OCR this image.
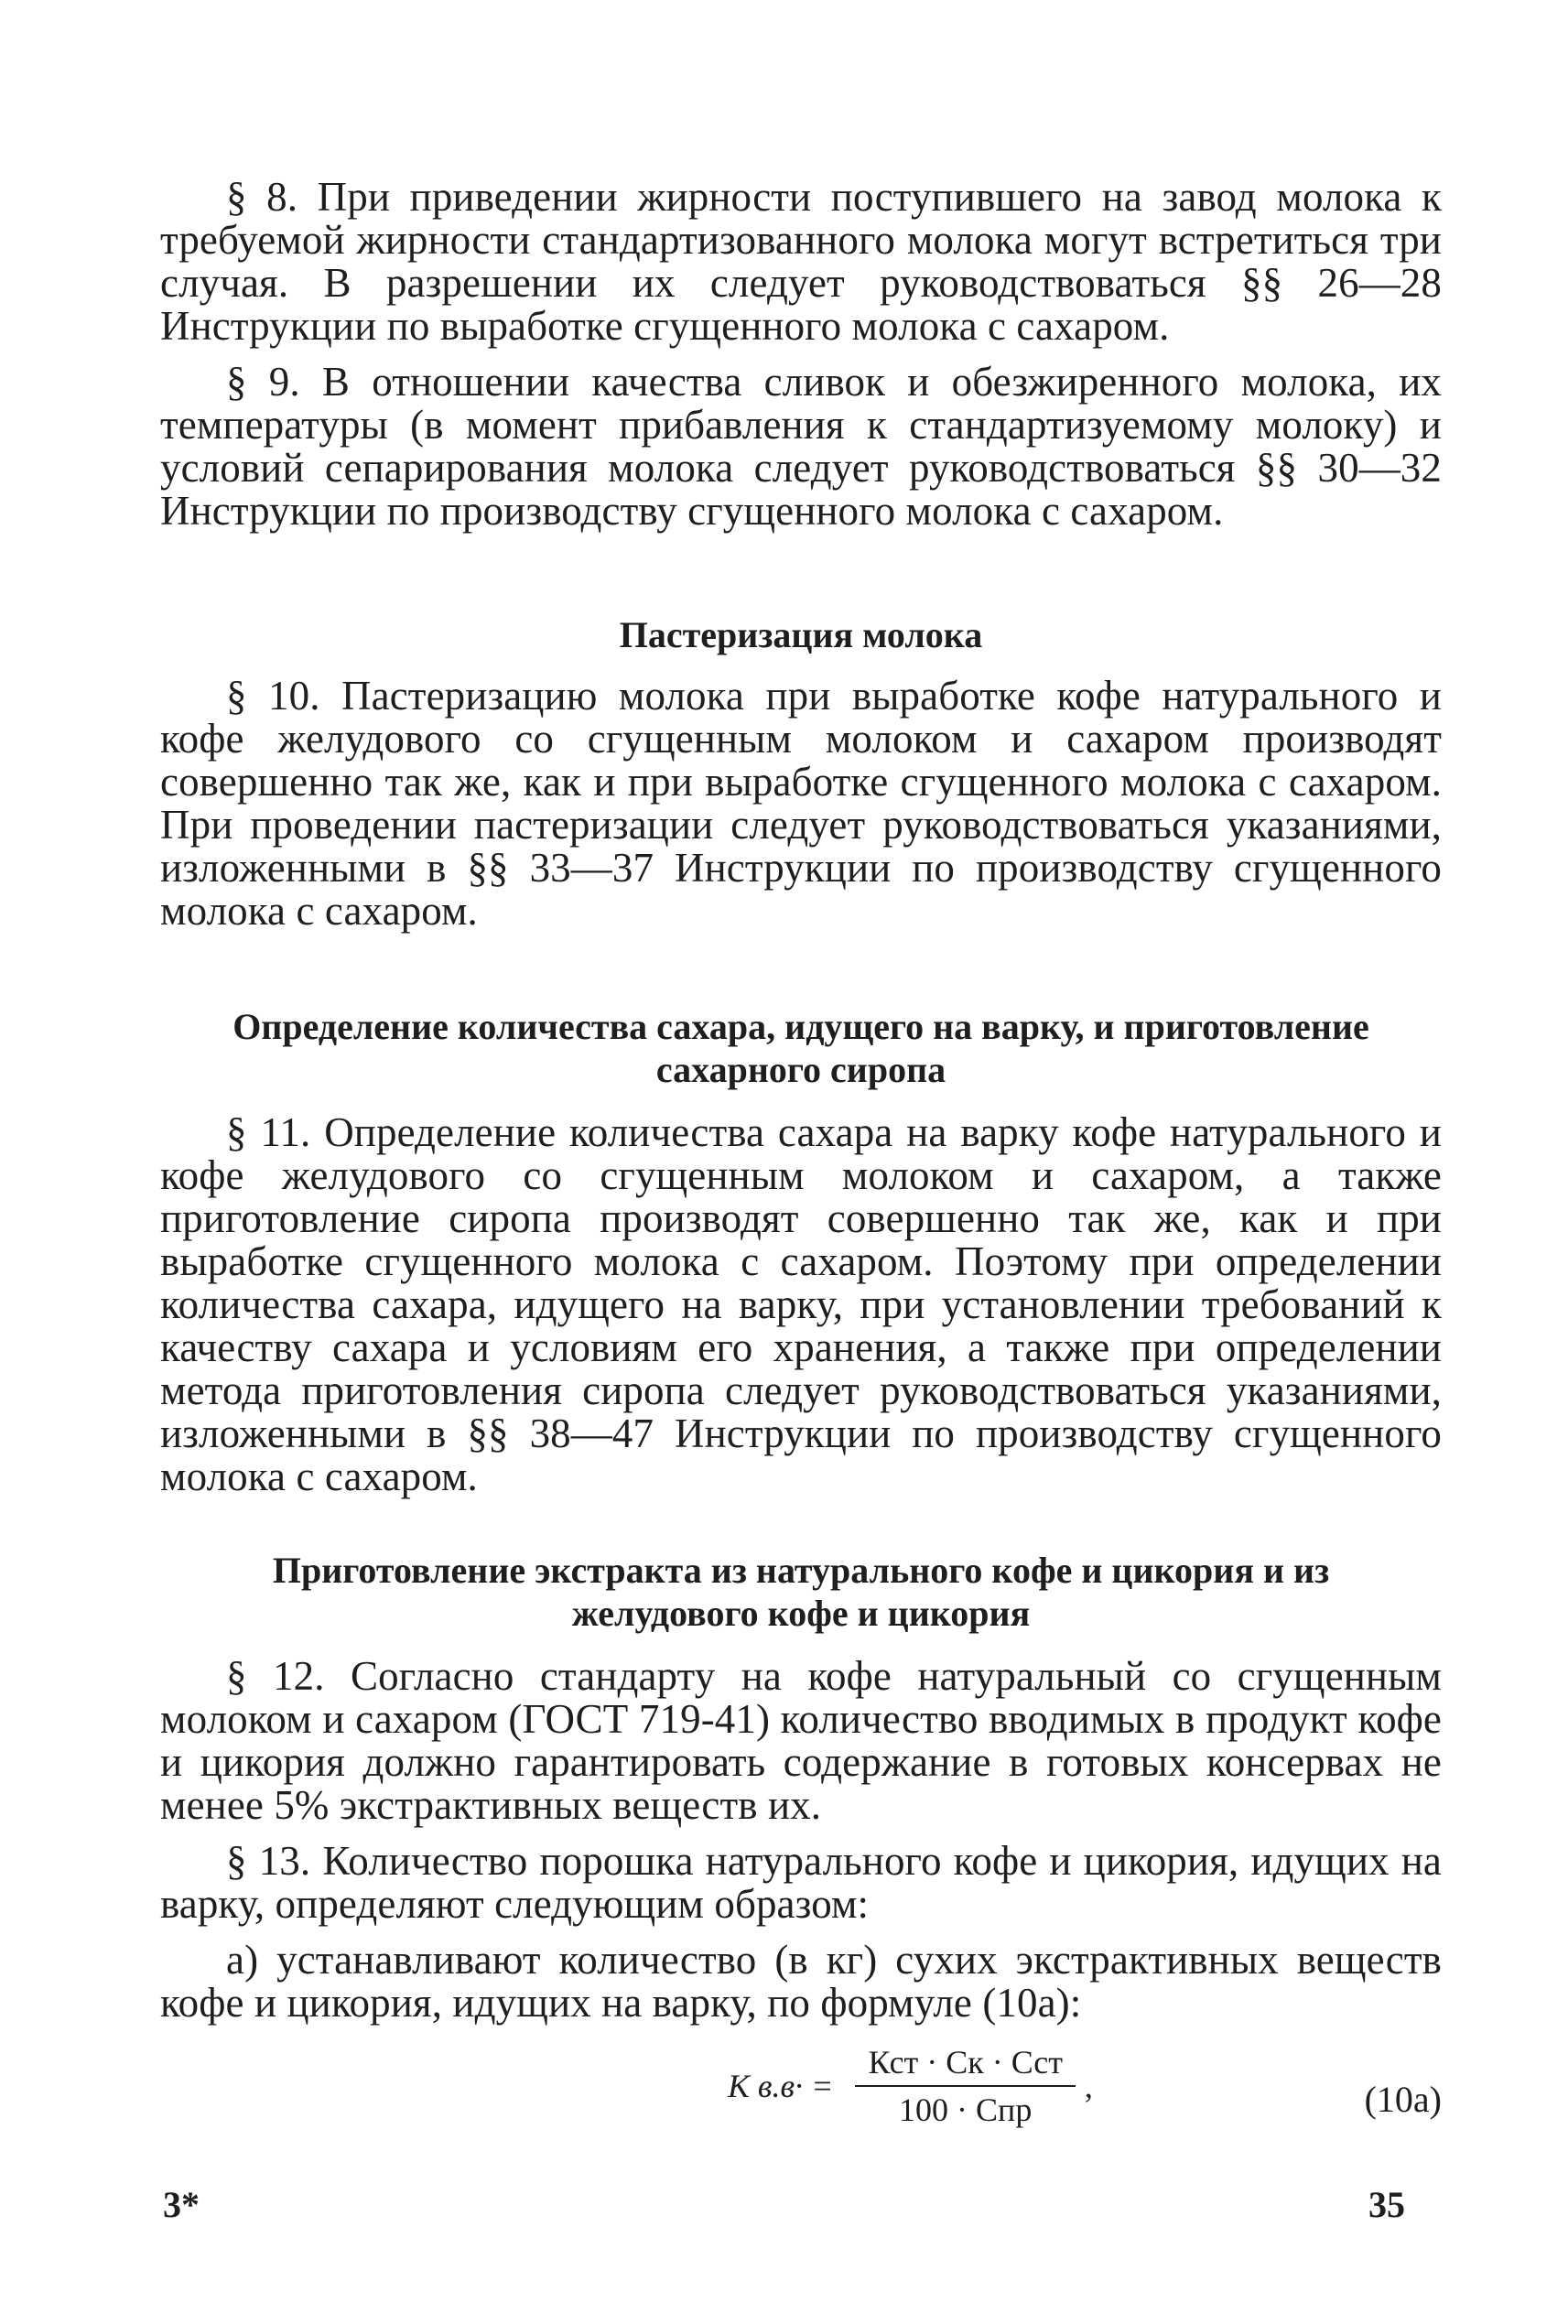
§ 8. При приведении жирности поступившего на завод молока к требуемой жирности стандартизованного молока могут встретиться три случая. В разрешении их следует руководствоваться §§ 26—28 Инструкции по выработке сгущенного молока с сахаром.

§ 9. В отношении качества сливок и обезжиренного молока, их температуры (в момент прибавления к стандартизуемому молоку) и условий сепарирования молока следует руководствоваться §§ 30—32 Инструкции по производству сгущенного молока с сахаром.

Пастеризация молока

§ 10. Пастеризацию молока при выработке кофе натурального и кофе желудового со сгущенным молоком и сахаром производят совершенно так же, как и при выработке сгущенного молока с сахаром. При проведении пастеризации следует руководствоваться указаниями, изложенными в §§ 33—37 Инструкции по производству сгущенного молока с сахаром.

Определение количества сахара, идущего на варку, и приготовление сахарного сиропа

§ 11. Определение количества сахара на варку кофе натурального и кофе желудового со сгущенным молоком и сахаром, а также приготовление сиропа производят совершенно так же, как и при выработке сгущенного молока с сахаром. Поэтому при определении количества сахара, идущего на варку, при установлении требований к качеству сахара и условиям его хранения, а также при определении метода приготовления сиропа следует руководствоваться указаниями, изложенными в §§ 38—47 Инструкции по производству сгущенного молока с сахаром.

Приготовление экстракта из натурального кофе и цикория и из желудового кофе и цикория

§ 12. Согласно стандарту на кофе натуральный со сгущенным молоком и сахаром (ГОСТ 719-41) количество вводимых в продукт кофе и цикория должно гарантировать содержание в готовых консервах не менее 5% экстрактивных веществ их.

§ 13. Количество порошка натурального кофе и цикория, идущих на варку, определяют следующим образом:

а) устанавливают количество (в кг) сухих экстрактивных веществ кофе и цикория, идущих на варку, по формуле (10а):

К $в.в\cdot = \frac{\text{Кст · Ск · Сст}}{\text{100 · Спр}}$ ,	(10а)
3*	35
